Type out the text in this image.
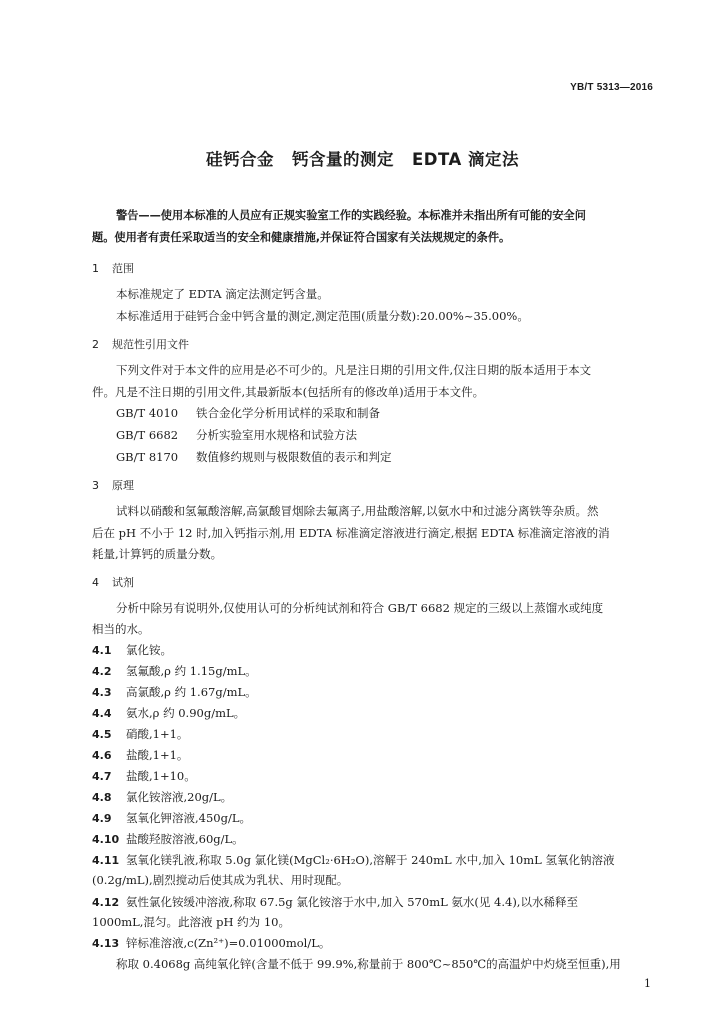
YB/T 5313—2016
硅钙合金 钙含量的测定 EDTA 滴定法
警告——使用本标准的人员应有正规实验室工作的实践经验。本标准并未指出所有可能的安全问
题。使用者有责任采取适当的安全和健康措施,并保证符合国家有关法规规定的条件。
1 范围
本标准规定了 EDTA 滴定法测定钙含量。
本标准适用于硅钙合金中钙含量的测定,测定范围(质量分数):20.00%~35.00%。
2 规范性引用文件
下列文件对于本文件的应用是必不可少的。凡是注日期的引用文件,仅注日期的版本适用于本文
件。凡是不注日期的引用文件,其最新版本(包括所有的修改单)适用于本文件。
GB/T 4010 铁合金化学分析用试样的采取和制备
GB/T 6682 分析实验室用水规格和试验方法
GB/T 8170 数值修约规则与极限数值的表示和判定
3 原理
试料以硝酸和氢氟酸溶解,高氯酸冒烟除去氟离子,用盐酸溶解,以氨水中和过滤分离铁等杂质。然
后在 pH 不小于 12 时,加入钙指示剂,用 EDTA 标准滴定溶液进行滴定,根据 EDTA 标准滴定溶液的消
耗量,计算钙的质量分数。
4 试剂
分析中除另有说明外,仅使用认可的分析纯试剂和符合 GB/T 6682 规定的三级以上蒸馏水或纯度
相当的水。
4.1 氯化铵。
4.2 氢氟酸,ρ 约 1.15g/mL。
4.3 高氯酸,ρ 约 1.67g/mL。
4.4 氨水,ρ 约 0.90g/mL。
4.5 硝酸,1+1。
4.6 盐酸,1+1。
4.7 盐酸,1+10。
4.8 氯化铵溶液,20g/L。
4.9 氢氧化钾溶液,450g/L。
4.10 盐酸羟胺溶液,60g/L。
4.11 氢氧化镁乳液,称取 5.0g 氯化镁(MgCl₂·6H₂O),溶解于 240mL 水中,加入 10mL 氢氧化钠溶液
(0.2g/mL),剧烈搅动后使其成为乳状、用时现配。
4.12 氨性氯化铵缓冲溶液,称取 67.5g 氯化铵溶于水中,加入 570mL 氨水(见 4.4),以水稀释至
1000mL,混匀。此溶液 pH 约为 10。
4.13 锌标准溶液,c(Zn²⁺)=0.01000mol/L。
称取 0.4068g 高纯氧化锌(含量不低于 99.9%,称量前于 800℃~850℃的高温炉中灼烧至恒重),用
1
